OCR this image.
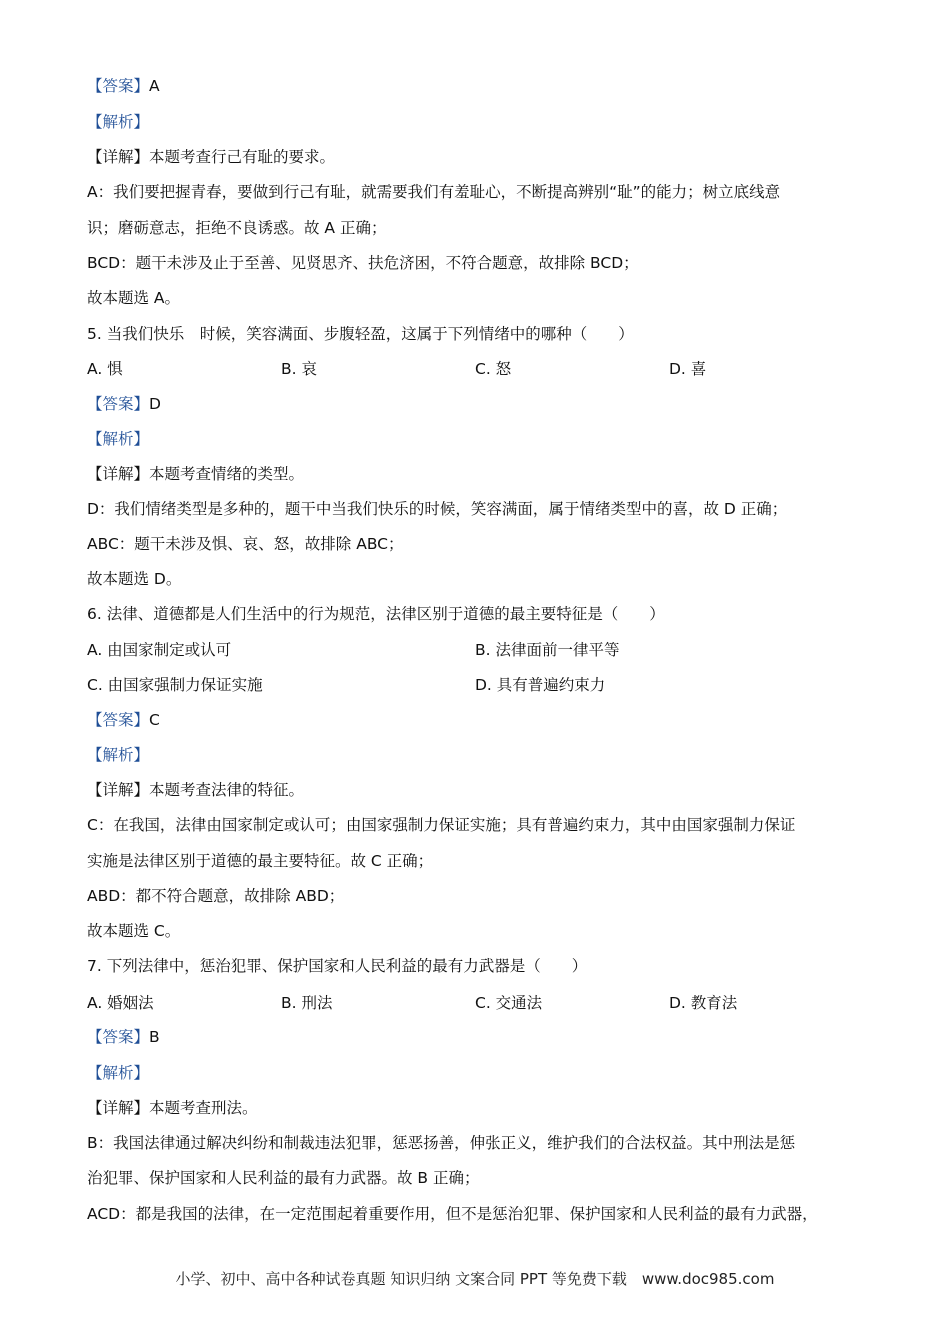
【答案】A
【解析】
【详解】本题考查行己有耻的要求。
A：我们要把握青春，要做到行己有耻，就需要我们有羞耻心，不断提高辨别“耻”的能力；树立底线意
识；磨砺意志，拒绝不良诱惑。故 A 正确；
BCD：题干未涉及止于至善、见贤思齐、扶危济困，不符合题意，故排除 BCD；
故本题选 A。
5. 当我们快乐　时候，笑容满面、步腹轻盈，这属于下列情绪中的哪种（　　）
A. 惧	B. 哀	C. 怒	D. 喜
【答案】D
【解析】
【详解】本题考查情绪的类型。
D：我们情绪类型是多种的，题干中当我们快乐的时候，笑容满面，属于情绪类型中的喜，故 D 正确；
ABC：题干未涉及惧、哀、怒，故排除 ABC；
故本题选 D。
6. 法律、道德都是人们生活中的行为规范，法律区别于道德的最主要特征是（　　）
A. 由国家制定或认可	B. 法律面前一律平等
C. 由国家强制力保证实施	D. 具有普遍约束力
【答案】C
【解析】
【详解】本题考查法律的特征。
C：在我国，法律由国家制定或认可；由国家强制力保证实施；具有普遍约束力，其中由国家强制力保证
实施是法律区别于道德的最主要特征。故 C 正确；
ABD：都不符合题意，故排除 ABD；
故本题选 C。
7. 下列法律中，惩治犯罪、保护国家和人民利益的最有力武器是（　　）
A. 婚姻法	B. 刑法	C. 交通法	D. 教育法
【答案】B
【解析】
【详解】本题考查刑法。
B：我国法律通过解决纠纷和制裁违法犯罪，惩恶扬善，伸张正义，维护我们的合法权益。其中刑法是惩
治犯罪、保护国家和人民利益的最有力武器。故 B 正确；
ACD：都是我国的法律，在一定范围起着重要作用，但不是惩治犯罪、保护国家和人民利益的最有力武器，
小学、初中、高中各种试卷真题 知识归纳 文案合同 PPT 等免费下载　www.doc985.com
